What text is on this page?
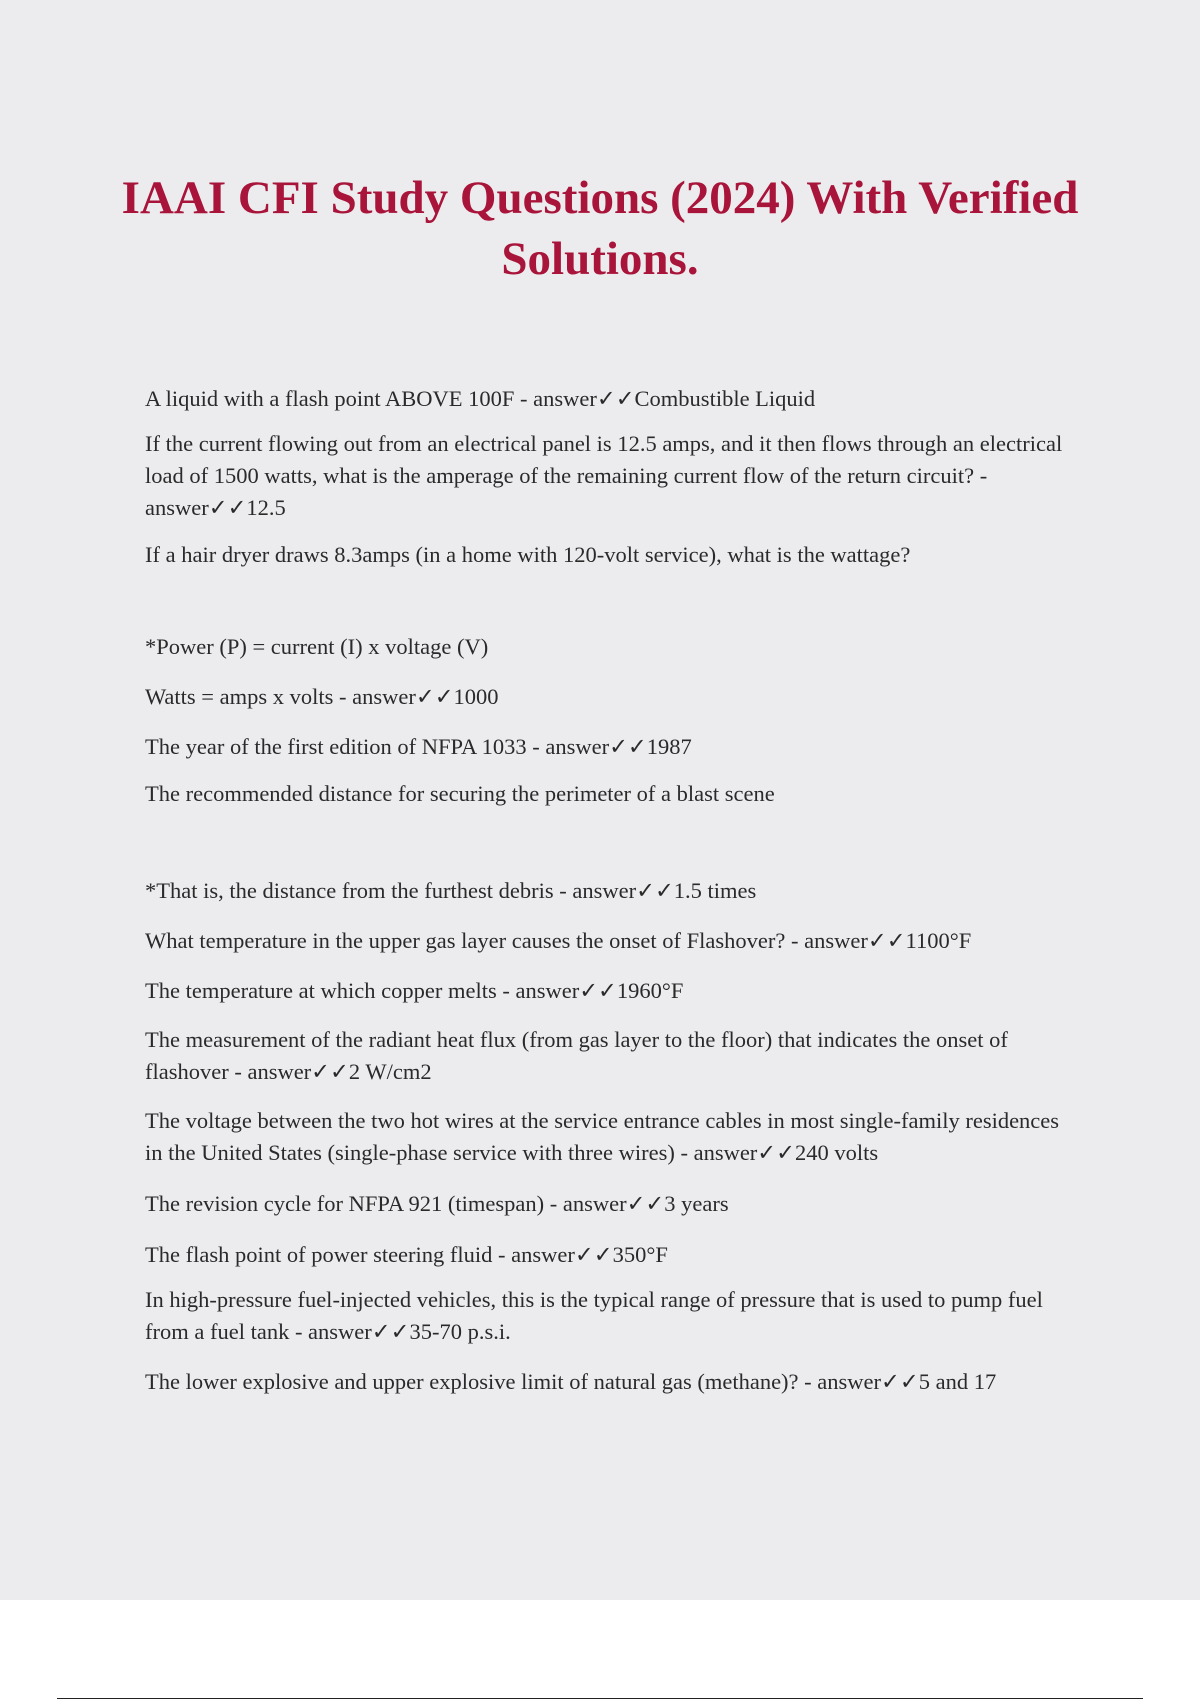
IAAI CFI Study Questions (2024) With Verified Solutions.

A liquid with a flash point ABOVE 100F - answer✓✓Combustible Liquid

If the current flowing out from an electrical panel is 12.5 amps, and it then flows through an electrical load of 1500 watts, what is the amperage of the remaining current flow of the return circuit? - answer✓✓12.5

If a hair dryer draws 8.3amps (in a home with 120-volt service), what is the wattage?

*Power (P) = current (I) x voltage (V)

Watts = amps x volts - answer✓✓1000

The year of the first edition of NFPA 1033 - answer✓✓1987

The recommended distance for securing the perimeter of a blast scene

*That is, the distance from the furthest debris - answer✓✓1.5 times

What temperature in the upper gas layer causes the onset of Flashover? - answer✓✓1100°F

The temperature at which copper melts - answer✓✓1960°F

The measurement of the radiant heat flux (from gas layer to the floor) that indicates the onset of flashover - answer✓✓2 W/cm2

The voltage between the two hot wires at the service entrance cables in most single-family residences in the United States (single-phase service with three wires) - answer✓✓240 volts

The revision cycle for NFPA 921 (timespan) - answer✓✓3 years

The flash point of power steering fluid - answer✓✓350°F

In high-pressure fuel-injected vehicles, this is the typical range of pressure that is used to pump fuel from a fuel tank - answer✓✓35-70 p.s.i.

The lower explosive and upper explosive limit of natural gas (methane)? - answer✓✓5 and 17
